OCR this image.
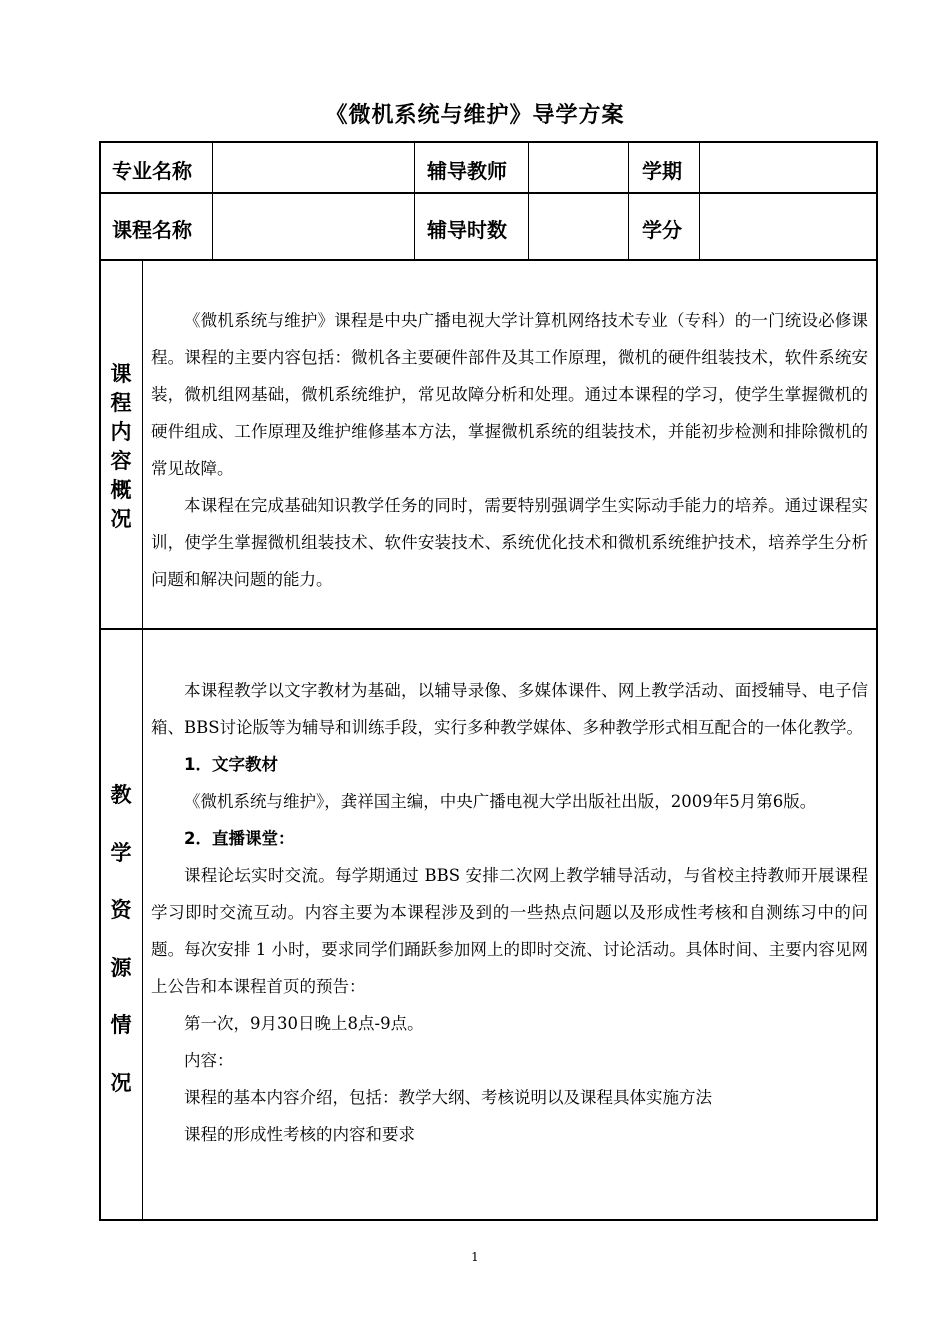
《微机系统与维护》导学方案
专业名称	辅导教师	学期
课程名称	辅导时数	学分
课
程
内
容
概
况

《微机系统与维护》课程是中央广播电视大学计算机网络技术专业（专科）的一门统设必修课程。课程的主要内容包括：微机各主要硬件部件及其工作原理，微机的硬件组装技术，软件系统安装，微机组网基础，微机系统维护，常见故障分析和处理。通过本课程的学习，使学生掌握微机的硬件组成、工作原理及维护维修基本方法，掌握微机系统的组装技术，并能初步检测和排除微机的常见故障。

本课程在完成基础知识教学任务的同时，需要特别强调学生实际动手能力的培养。通过课程实训，使学生掌握微机组装技术、软件安装技术、系统优化技术和微机系统维护技术，培养学生分析问题和解决问题的能力。

教
学
资
源
情
况

本课程教学以文字教材为基础，以辅导录像、多媒体课件、网上教学活动、面授辅导、电子信箱、BBS讨论版等为辅导和训练手段，实行多种教学媒体、多种教学形式相互配合的一体化教学。

1．文字教材

《微机系统与维护》，龚祥国主编，中央广播电视大学出版社出版，2009年5月第6版。

2．直播课堂：

课程论坛实时交流。每学期通过 BBS 安排二次网上教学辅导活动，与省校主持教师开展课程学习即时交流互动。内容主要为本课程涉及到的一些热点问题以及形成性考核和自测练习中的问题。每次安排 1 小时，要求同学们踊跃参加网上的即时交流、讨论活动。具体时间、主要内容见网上公告和本课程首页的预告：

第一次，9月30日晚上8点-9点。

内容：

课程的基本内容介绍，包括：教学大纲、考核说明以及课程具体实施方法

课程的形成性考核的内容和要求

1
